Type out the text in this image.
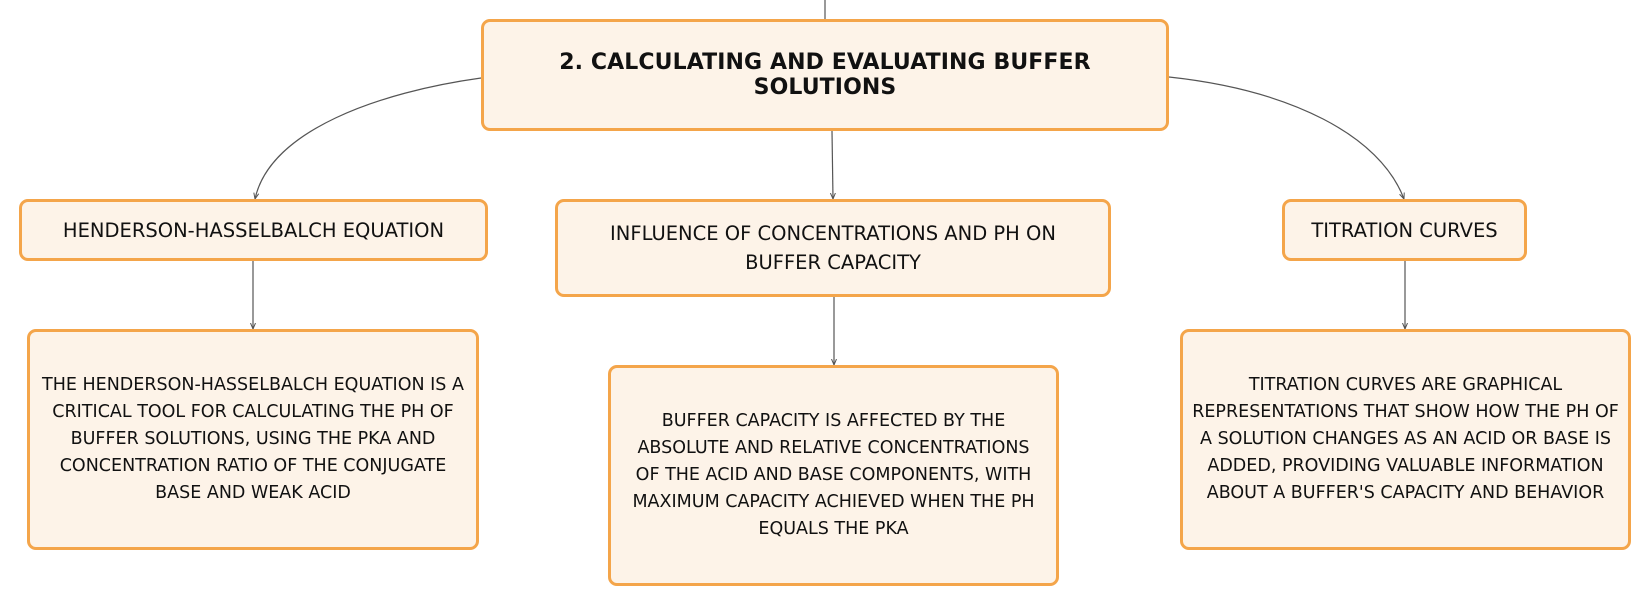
2. CALCULATING AND EVALUATING BUFFER SOLUTIONS
HENDERSON-HASSELBALCH EQUATION	INFLUENCE OF CONCENTRATIONS AND PH ON BUFFER CAPACITY
TITRATION CURVES
THE HENDERSON-HASSELBALCH EQUATION IS A CRITICAL TOOL FOR CALCULATING THE PH OF BUFFER SOLUTIONS, USING THE PKA AND CONCENTRATION RATIO OF THE CONJUGATE BASE AND WEAK ACID
BUFFER CAPACITY IS AFFECTED BY THE ABSOLUTE AND RELATIVE CONCENTRATIONS OF THE ACID AND BASE COMPONENTS, WITH MAXIMUM CAPACITY ACHIEVED WHEN THE PH EQUALS THE PKA
TITRATION CURVES ARE GRAPHICAL REPRESENTATIONS THAT SHOW HOW THE PH OF A SOLUTION CHANGES AS AN ACID OR BASE IS ADDED, PROVIDING VALUABLE INFORMATION ABOUT A BUFFER'S CAPACITY AND BEHAVIOR
